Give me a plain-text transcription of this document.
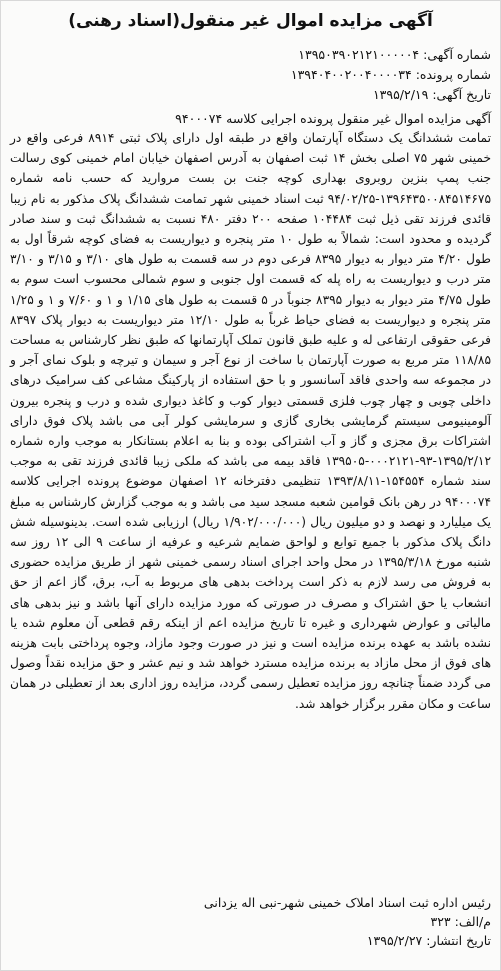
آگهی مزایده اموال غیر منقول(اسناد رهنی)
شماره آگهی: ۱۳۹۵۰۳۹۰۲۱۲۱۰۰۰۰۰۴
شماره پرونده: ۱۳۹۴۰۴۰۰۲۰۰۴۰۰۰۰۳۴
تاریخ آگهی: ۱۳۹۵/۲/۱۹
آگهی مزایده اموال غیر منقول پرونده اجرایی کلاسه ۹۴۰۰۰۷۴
تمامت ششدانگ یک دستگاه آپارتمان واقع در طبقه اول دارای پلاک ثبتی ۸۹۱۴ فرعی واقع در خمینی شهر ۷۵ اصلی بخش ۱۴ ثبت اصفهان به آدرس اصفهان خیابان امام خمینی کوی رسالت جنب پمپ بنزین روبروی بهداری کوچه جنت بن بست مروارید که حسب نامه شماره ۱۳۹۶۴۳۵۰۰۸۴۵۱۴۶۷۵-۹۴/۰۲/۲۵ ثبت اسناد خمینی شهر تمامت ششدانگ پلاک مذکور به نام زیبا قائدی فرزند تقی ذیل ثبت ۱۰۴۴۸۴ صفحه ۲۰۰ دفتر ۴۸۰ نسبت به ششدانگ ثبت و سند صادر گردیده و محدود است: شمالاً به طول ۱۰ متر پنجره و دیواریست به فضای کوچه شرقاً اول به طول ۴/۲۰ متر دیوار به دیوار ۸۳۹۵ فرعی دوم در سه قسمت به طول های ۳/۱۰ و ۳/۱۵ و ۳/۱۰ متر درب و دیواریست به راه پله که قسمت اول جنوبی و سوم شمالی محسوب است سوم به طول ۴/۷۵ متر دیوار به دیوار ۸۳۹۵ جنوباً در ۵ قسمت به طول های ۱/۱۵ و ۱ و ۷/۶۰ و ۱ و ۱/۲۵ متر پنجره و دیواریست به فضای حیاط غرباً به طول ۱۲/۱۰ متر دیواریست به دیوار پلاک ۸۳۹۷ فرعی حقوقی ارتفاعی له و علیه طبق قانون تملک آپارتمانها که طبق نظر کارشناس به مساحت ۱۱۸/۸۵ متر مربع به صورت آپارتمان با ساخت از نوع آجر و سیمان و تیرچه و بلوک نمای آجر و در مجموعه سه واحدی فاقد آسانسور و با حق استفاده از پارکینگ مشاعی کف سرامیک درهای داخلی چوبی و چهار چوب فلزی قسمتی دیوار کوب و کاغذ دیواری شده و درب و پنجره بیرون آلومینیومی سیستم گرمایشی بخاری گازی و سرمایشی کولر آبی می باشد پلاک فوق دارای اشتراکات برق مجزی و گاز و آب اشتراکی بوده و بنا به اعلام بستانکار به موجب واره شماره ۱۳۹۵/۲/۱۲-۹۳-۰۰۰۲۱۲۱-۱۳۹۵۰۵ فاقد بیمه می باشد که ملکی زیبا قائدی فرزند تقی به موجب سند شماره ۱۵۴۵۵۴-۱۳۹۳/۸/۱۱ تنظیمی دفترخانه ۱۲ اصفهان موضوع پرونده اجرایی کلاسه ۹۴۰۰۰۷۴ در رهن بانک قوامین شعبه مسجد سید می باشد و به موجب گزارش کارشناس به مبلغ یک میلیارد و نهصد و دو میلیون ریال (۱/۹۰۲/۰۰۰/۰۰۰ ریال) ارزیابی شده است. بدینوسیله شش دانگ پلاک مذکور با جمیع توابع و لواحق ضمایم شرعیه و عرفیه از ساعت ۹ الی ۱۲ روز سه شنبه مورخ ۱۳۹۵/۳/۱۸ در محل واحد اجرای اسناد رسمی خمینی شهر از طریق مزایده حضوری به فروش می رسد لازم به ذکر است پرداخت بدهی های مربوط به آب، برق، گاز اعم از حق انشعاب یا حق اشتراک و مصرف در صورتی که مورد مزایده دارای آنها باشد و نیز بدهی های مالیاتی و عوارض شهرداری و غیره تا تاریخ مزایده اعم از اینکه رقم قطعی آن معلوم شده یا نشده باشد به عهده برنده مزایده است و نیز در صورت وجود مازاد، وجوه پرداختی بابت هزینه های فوق از محل مازاد به برنده مزایده مسترد خواهد شد و نیم عشر و حق مزایده نقداً وصول می گردد ضمناً چنانچه روز مزایده تعطیل رسمی گردد، مزایده روز اداری بعد از تعطیلی در همان ساعت و مکان مقرر برگزار خواهد شد.
رئیس اداره ثبت اسناد املاک خمینی شهر-نبی اله یزدانی
م/الف: ۳۲۳
تاریخ انتشار: ۱۳۹۵/۲/۲۷
